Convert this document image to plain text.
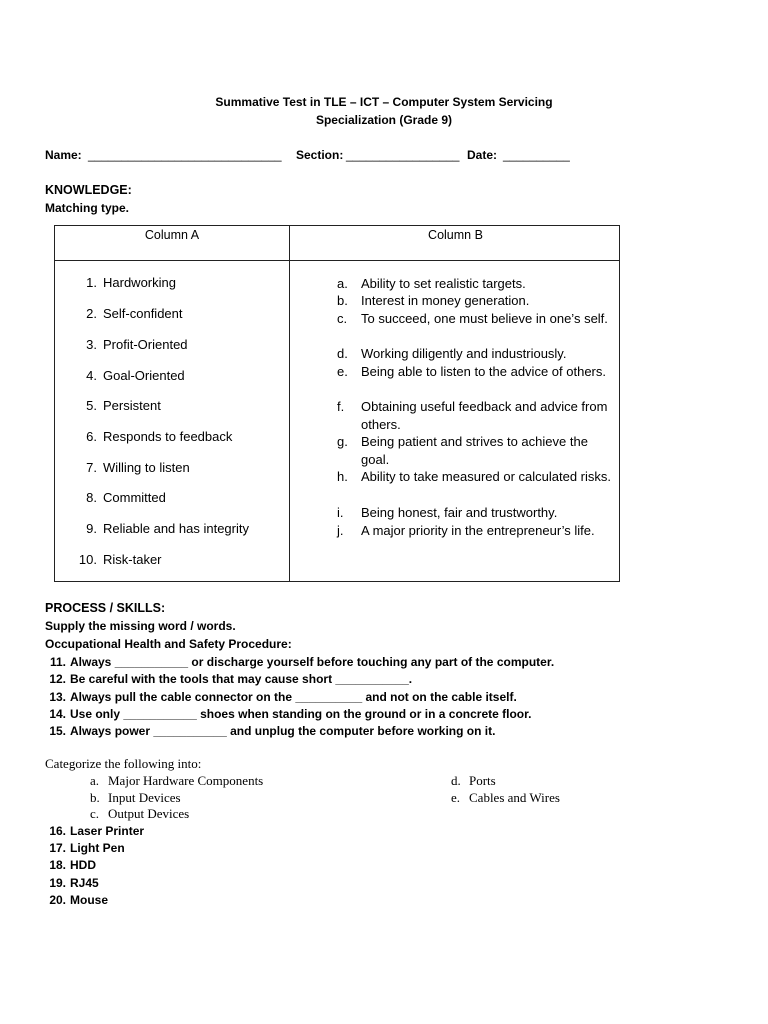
Summative Test in TLE – ICT – Computer System Servicing
Specialization (Grade 9)
Name: _____________________________ Section: _________________ Date: __________
KNOWLEDGE:
Matching type.
Column A	Column B
1. Hardworking
2. Self-confident
3. Profit-Oriented
4. Goal-Oriented
5. Persistent
6. Responds to feedback
7. Willing to listen
8. Committed
9. Reliable and has integrity
10. Risk-taker
a. Ability to set realistic targets.
b. Interest in money generation.
c. To succeed, one must believe in one’s self.
d. Working diligently and industriously.
e. Being able to listen to the advice of others.
f.	Obtaining useful feedback and advice from others.
g. Being patient and strives to achieve the goal.
h. Ability to take measured or calculated risks.
i.	Being honest, fair and trustworthy.
j.	A major priority in the entrepreneur’s life.
PROCESS / SKILLS:
Supply the missing word / words.
Occupational Health and Safety Procedure:
11. Always ___________ or discharge yourself before touching any part of the computer.
12. Be careful with the tools that may cause short ___________.
13. Always pull the cable connector on the __________ and not on the cable itself.
14. Use only ___________ shoes when standing on the ground or in a concrete floor.
15. Always power ___________ and unplug the computer before working on it.
Categorize the following into:
a. Major Hardware Components
b. Input Devices
c. Output Devices
d. Ports
e. Cables and Wires
16. Laser Printer
17. Light Pen
18. HDD
19. RJ45
20. Mouse
